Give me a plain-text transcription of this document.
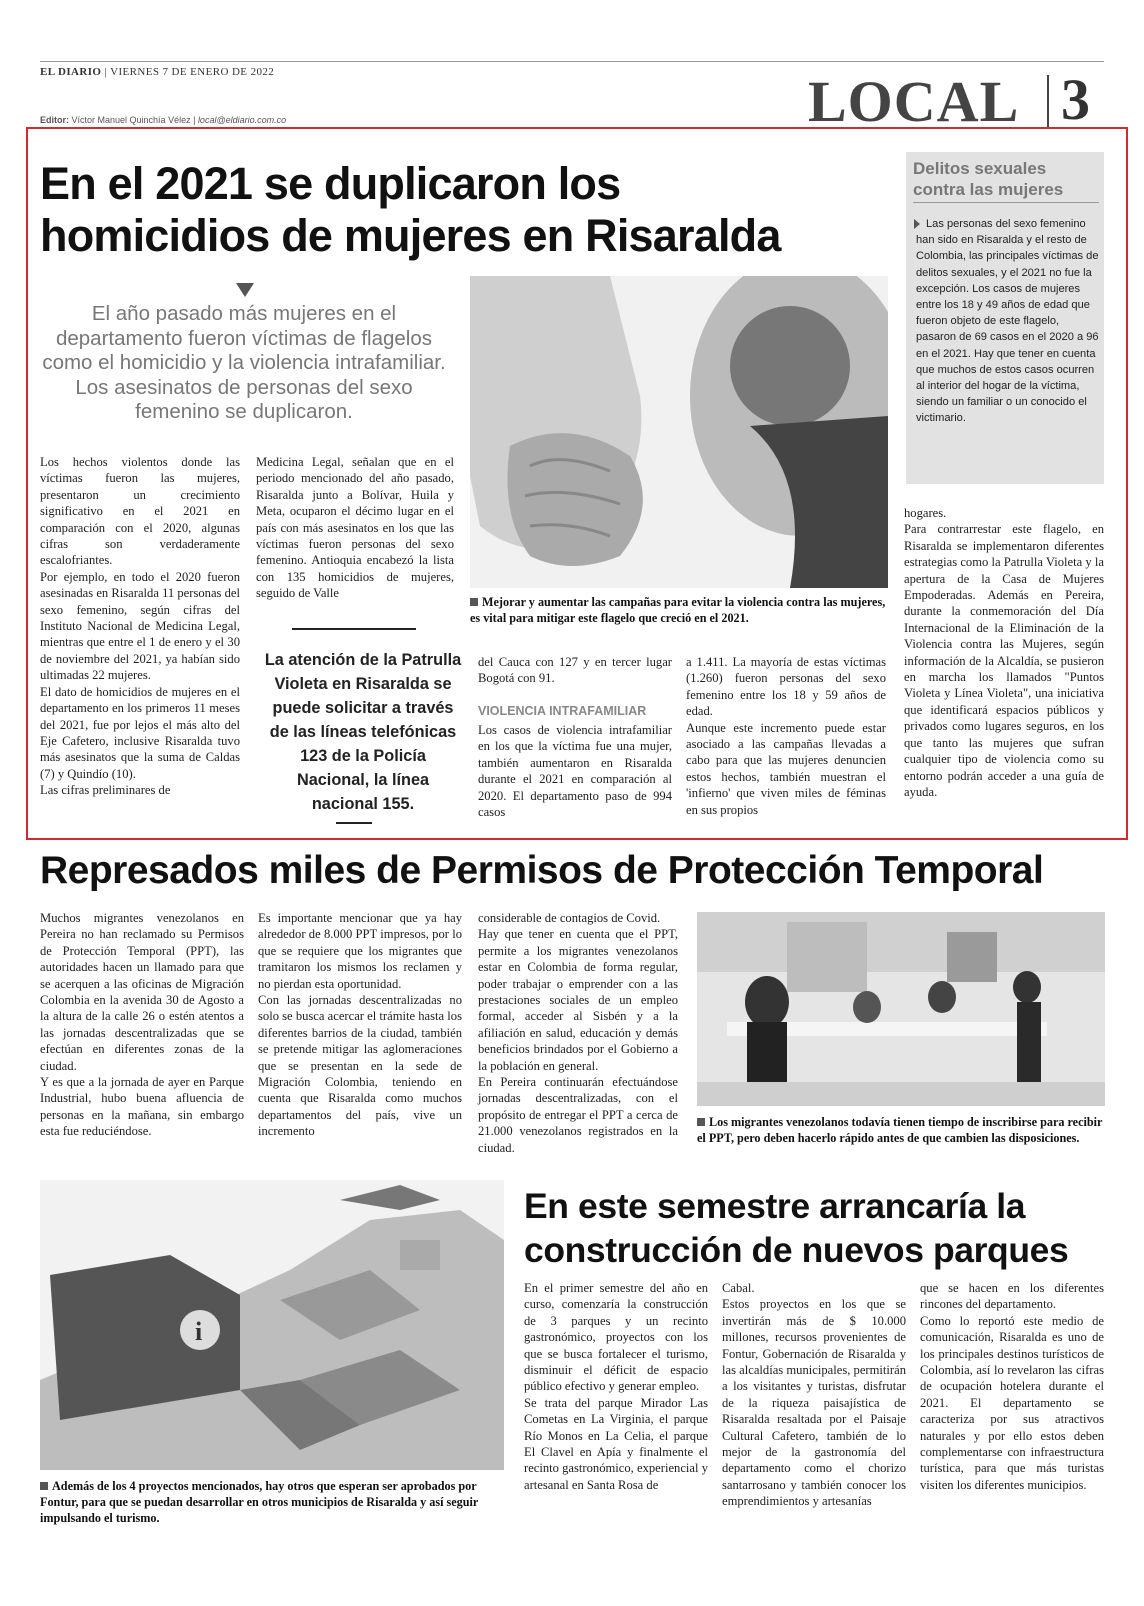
EL DIARIO | VIERNES 7 DE ENERO DE 2022	LOCAL 3
Editor: Víctor Manuel Quinchía Vélez | local@eldiario.com.co
En el 2021 se duplicaron los
homicidios de mujeres en Risaralda
El año pasado más mujeres en el departamento fueron víctimas de flagelos como el homicidio y la violencia intrafamiliar. Los asesinatos de personas del sexo femenino se duplicaron.
Mejorar y aumentar las campañas para evitar la violencia contra las mujeres, es vital para mitigar este flagelo que creció en el 2021.
Los hechos violentos donde las víctimas fueron las mujeres, presentaron un crecimiento significativo en el 2021 en comparación con el 2020, algunas cifras son verdaderamente escalofriantes.
Por ejemplo, en todo el 2020 fueron asesinadas en Risaralda 11 personas del sexo femenino, según cifras del Instituto Nacional de Medicina Legal, mientras que entre el 1 de enero y el 30 de noviembre del 2021, ya habían sido ultimadas 22 mujeres.
El dato de homicidios de mujeres en el departamento en los primeros 11 meses del 2021, fue por lejos el más alto del Eje Cafetero, inclusive Risaralda tuvo más asesinatos que la suma de Caldas (7) y Quindío (10).
Las cifras preliminares de
Medicina Legal, señalan que en el periodo mencionado del año pasado, Risaralda junto a Bolívar, Huila y Meta, ocuparon el décimo lugar en el país con más asesinatos en los que las víctimas fueron personas del sexo femenino. Antioquia encabezó la lista con 135 homicidios de mujeres, seguido de Valle
La atención de la Patrulla Violeta en Risaralda se puede solicitar a través de las líneas telefónicas 123 de la Policía Nacional, la línea nacional 155.
del Cauca con 127 y en tercer lugar Bogotá con 91.
VIOLENCIA INTRAFAMILIAR
Los casos de violencia intrafamiliar en los que la víctima fue una mujer, también aumentaron en Risaralda durante el 2021 en comparación al 2020. El departamento paso de 994 casos
a 1.411. La mayoría de estas víctimas (1.260) fueron personas del sexo femenino entre los 18 y 59 años de edad.
Aunque este incremento puede estar asociado a las campañas llevadas a cabo para que las mujeres denuncien estos hechos, también muestran el 'infierno' que viven miles de féminas en sus propios
hogares.
Para contrarrestar este flagelo, en Risaralda se implementaron diferentes estrategias como la Patrulla Violeta y la apertura de la Casa de Mujeres Empoderadas. Además en Pereira, durante la conmemoración del Día Internacional de la Eliminación de la Violencia contra las Mujeres, según información de la Alcaldía, se pusieron en marcha los llamados "Puntos Violeta y Línea Violeta", una iniciativa que identificará espacios públicos y privados como lugares seguros, en los que tanto las mujeres que sufran cualquier tipo de violencia como su entorno podrán acceder a una guía de ayuda.
Delitos sexuales contra las mujeres
Las personas del sexo femenino han sido en Risaralda y el resto de Colombia, las principales víctimas de delitos sexuales, y el 2021 no fue la excepción. Los casos de mujeres entre los 18 y 49 años de edad que fueron objeto de este flagelo, pasaron de 69 casos en el 2020 a 96 en el 2021. Hay que tener en cuenta que muchos de estos casos ocurren al interior del hogar de la víctima, siendo un familiar o un conocido el victimario.
Represados miles de Permisos de Protección Temporal
Muchos migrantes venezolanos en Pereira no han reclamado su Permisos de Protección Temporal (PPT), las autoridades hacen un llamado para que se acerquen a las oficinas de Migración Colombia en la avenida 30 de Agosto a la altura de la calle 26 o estén atentos a las jornadas descentralizadas que se efectúan en diferentes zonas de la ciudad.
Y es que a la jornada de ayer en Parque Industrial, hubo buena afluencia de personas en la mañana, sin embargo esta fue reduciéndose.
Es importante mencionar que ya hay alrededor de 8.000 PPT impresos, por lo que se requiere que los migrantes que tramitaron los mismos los reclamen y no pierdan esta oportunidad.
Con las jornadas descentralizadas no solo se busca acercar el trámite hasta los diferentes barrios de la ciudad, también se pretende mitigar las aglomeraciones que se presentan en la sede de Migración Colombia, teniendo en cuenta que Risaralda como muchos departamentos del país, vive un incremento
considerable de contagios de Covid.
Hay que tener en cuenta que el PPT, permite a los migrantes venezolanos estar en Colombia de forma regular, poder trabajar o emprender con a las prestaciones sociales de un empleo formal, acceder al Sisbén y a la afiliación en salud, educación y demás beneficios brindados por el Gobierno a la población en general.
En Pereira continuarán efectuándose jornadas descentralizadas, con el propósito de entregar el PPT a cerca de 21.000 venezolanos registrados en la ciudad.
Los migrantes venezolanos todavía tienen tiempo de inscribirse para recibir el PPT, pero deben hacerlo rápido antes de que cambien las disposiciones.
i
Además de los 4 proyectos mencionados, hay otros que esperan ser aprobados por Fontur, para que se puedan desarrollar en otros municipios de Risaralda y así seguir impulsando el turismo.
En este semestre arrancaría la
construcción de nuevos parques
En el primer semestre del año en curso, comenzaría la construcción de 3 parques y un recinto gastronómico, proyectos con los que se busca fortalecer el turismo, disminuir el déficit de espacio público efectivo y generar empleo.
Se trata del parque Mirador Las Cometas en La Virginia, el parque Río Monos en La Celia, el parque El Clavel en Apía y finalmente el recinto gastronómico, experiencial y artesanal en Santa Rosa de
Cabal.
Estos proyectos en los que se invertirán más de $ 10.000 millones, recursos provenientes de Fontur, Gobernación de Risaralda y las alcaldías municipales, permitirán a los visitantes y turistas, disfrutar de la riqueza paisajística de Risaralda resaltada por el Paisaje Cultural Cafetero, también de lo mejor de la gastronomía del departamento como el chorizo santarrosano y también conocer los emprendimientos y artesanías
que se hacen en los diferentes rincones del departamento.
Como lo reportó este medio de comunicación, Risaralda es uno de los principales destinos turísticos de Colombia, así lo revelaron las cifras de ocupación hotelera durante el 2021. El departamento se caracteriza por sus atractivos naturales y por ello estos deben complementarse con infraestructura turística, para que más turistas visiten los diferentes municipios.
